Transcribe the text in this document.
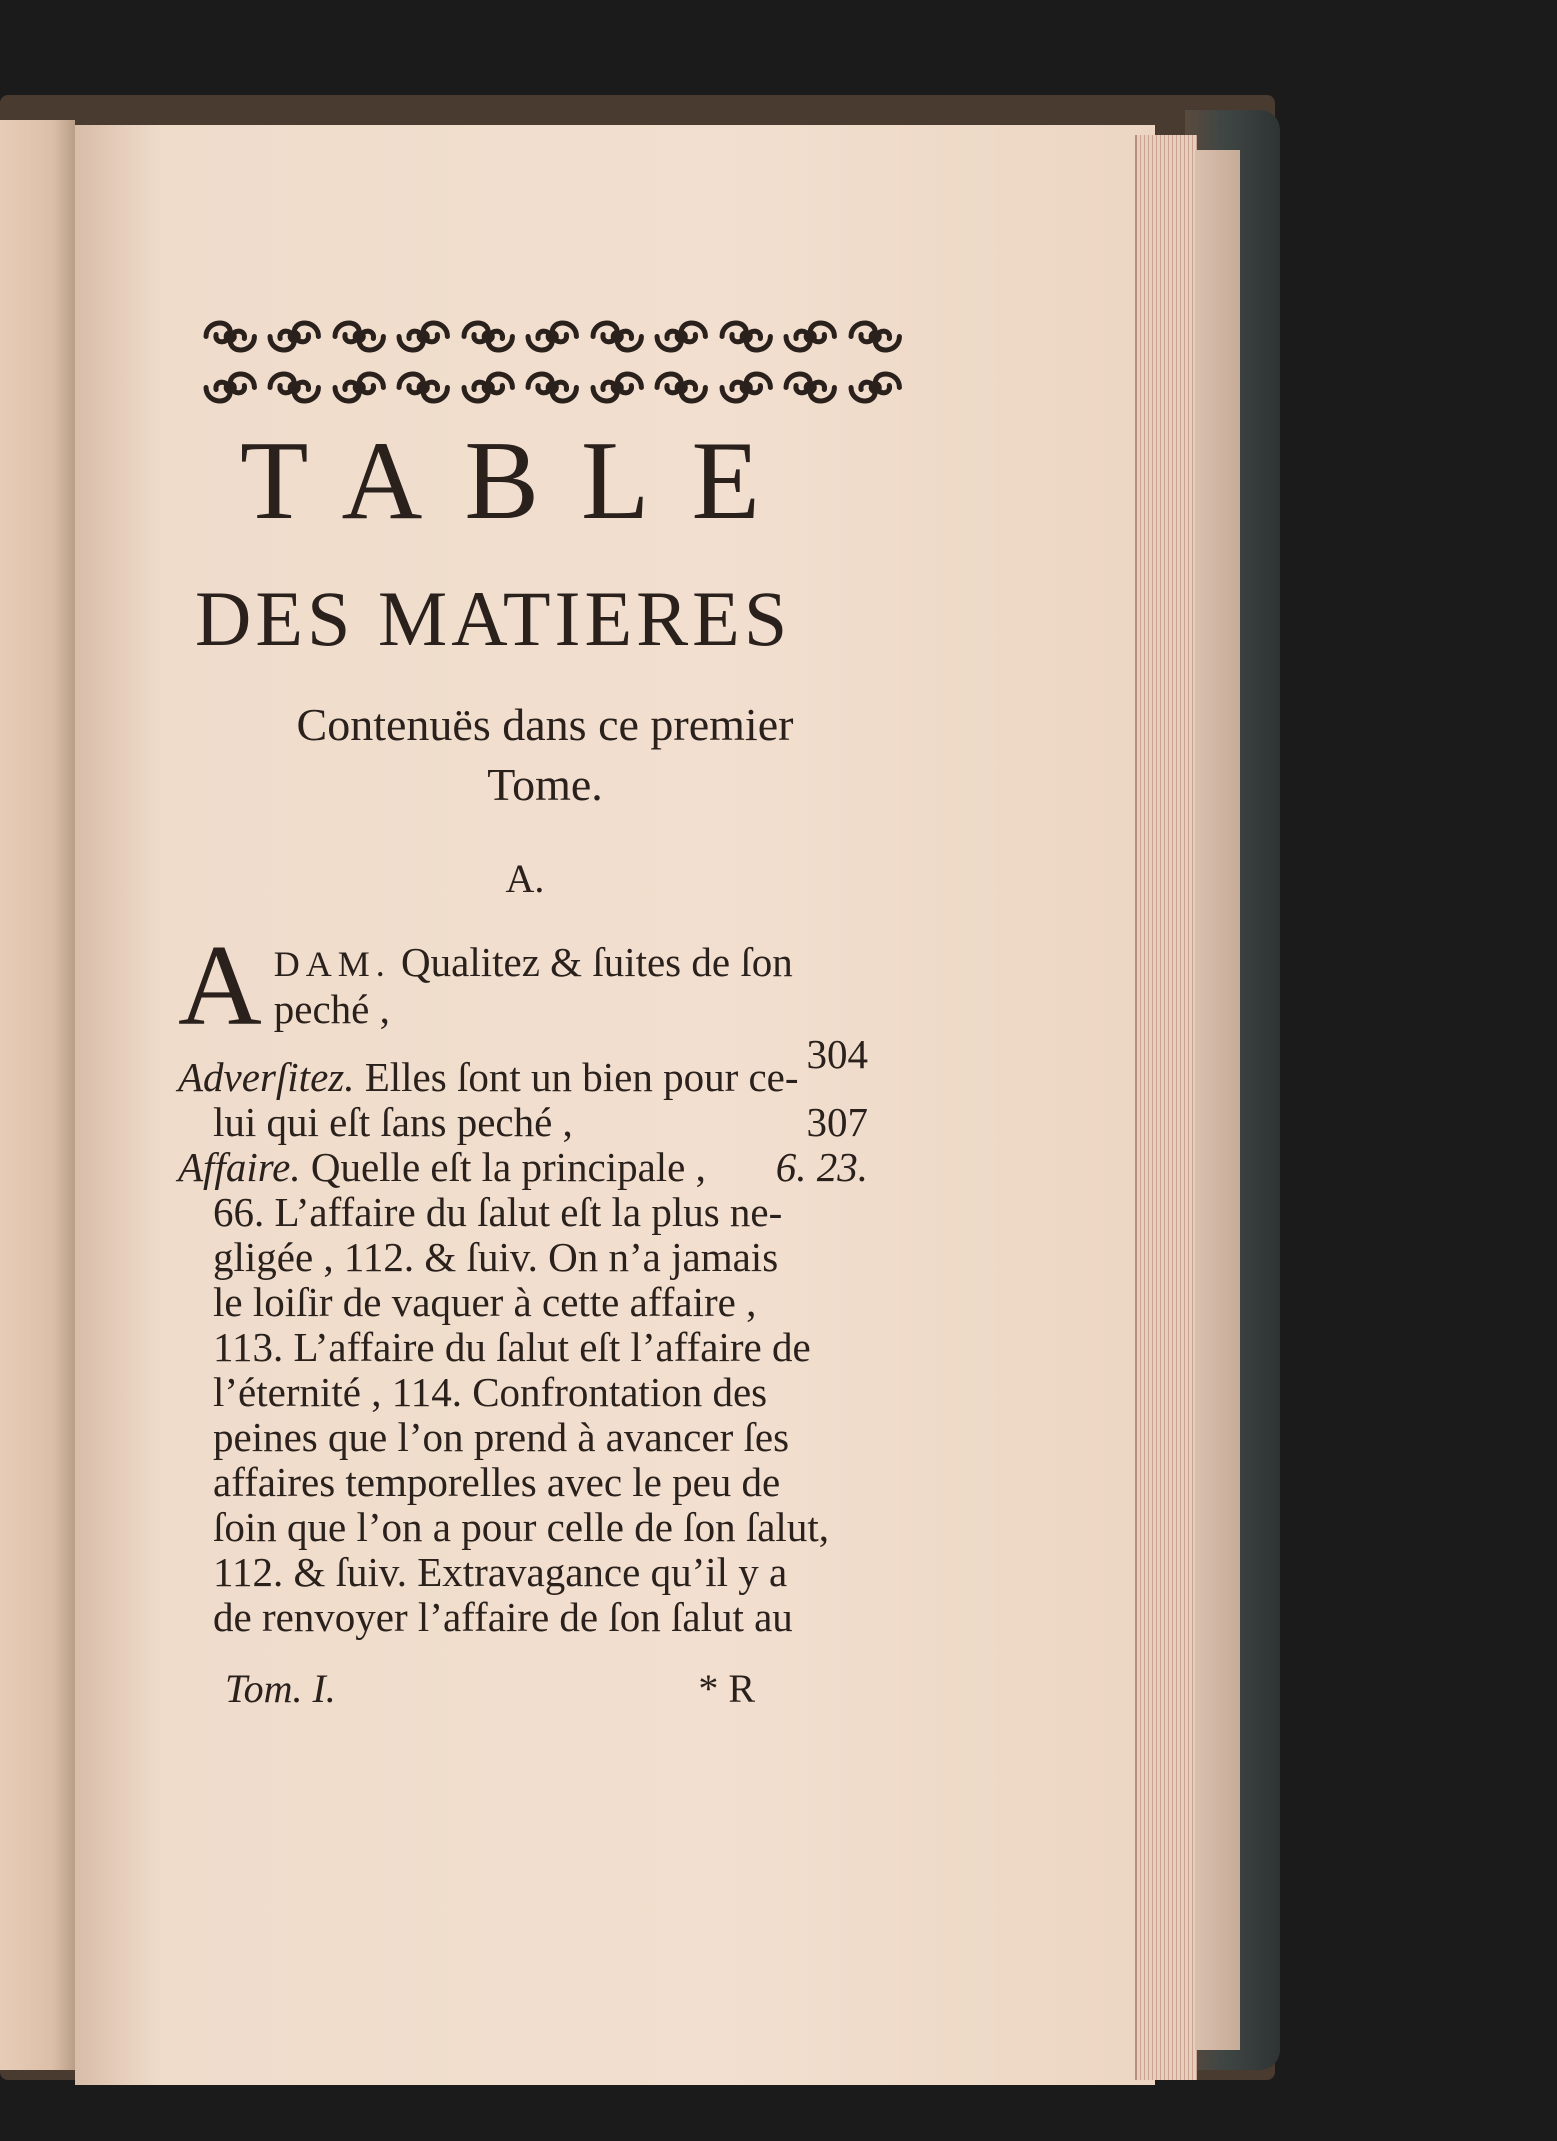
TABLE
DES MATIERES
Contenuës dans ce premier
Tome.
A.
A DAM. Qualitez & ſuites de ſon
peché ,
304
Adverſitez. Elles ſont un bien pour ce-
lui qui eſt ſans peché ,	307
Affaire. Quelle eſt la principale , 6. 23.
66. L’affaire du ſalut eſt la plus ne-
gligée , 112. & ſuiv. On n’a jamais
le loiſir de vaquer à cette affaire ,
113. L’affaire du ſalut eſt l’affaire de
l’éternité , 114. Confrontation des
peines que l’on prend à avancer ſes
affaires temporelles avec le peu de
ſoin que l’on a pour celle de ſon ſalut,
112. & ſuiv. Extravagance qu’il y a
de renvoyer l’affaire de ſon ſalut au
Tom. I.	* R
